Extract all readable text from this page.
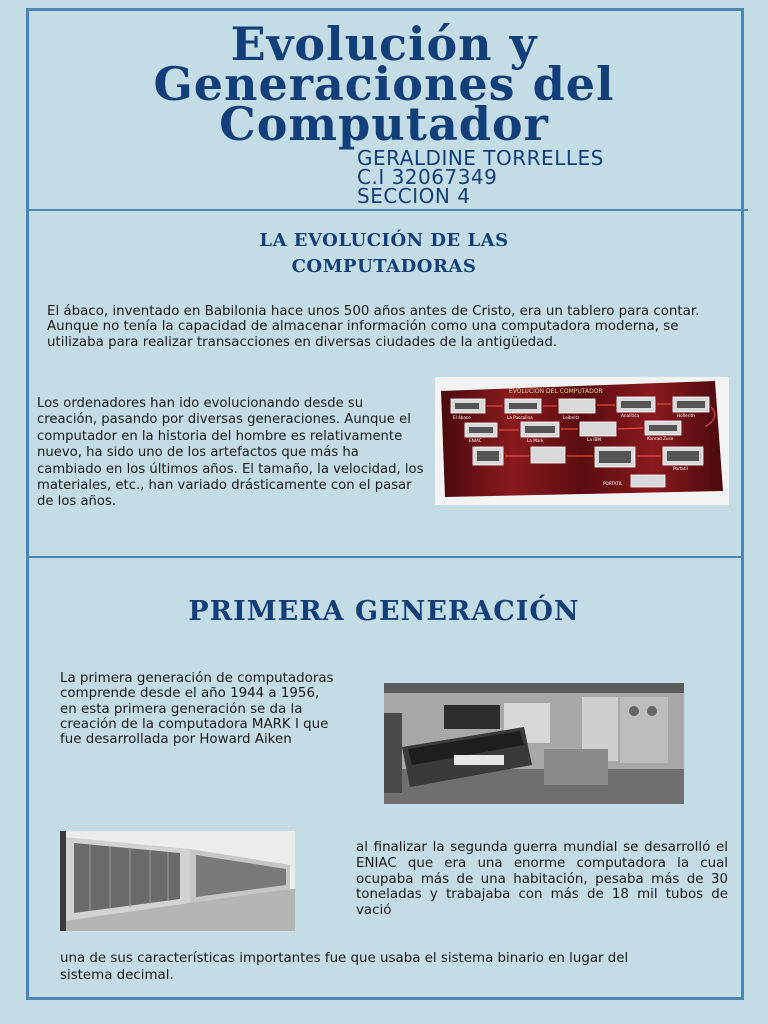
Evolución y
Generaciones del
Computador
GERALDINE TORRELLES
C.I 32067349
SECCION 4
LA EVOLUCIÓN DE LAS
COMPUTADORAS

El ábaco, inventado en Babilonia hace unos 500 años antes de Cristo, era un tablero para contar. Aunque no tenía la capacidad de almacenar información como una computadora moderna, se utilizaba para realizar transacciones en diversas ciudades de la antigüedad.

Los ordenadores han ido evolucionando desde su creación, pasando por diversas generaciones. Aunque el computador en la historia del hombre es relativamente nuevo, ha sido uno de los artefactos que más ha cambiado en los últimos años. El tamaño, la velocidad, los materiales, etc., han variado drásticamente con el pasar de los años.

EVOLUCION DEL COMPUTADOR
El ábaco	La Pascalina	Leibnitz	Analitica	Hollerith
ENIAC	La Mark	La IBM	Konrad Zuse
Portatil
PORTATIL
PRIMERA GENERACIÓN

La primera generación de computadoras comprende desde el año 1944 a 1956, en esta primera generación se da la creación de la computadora MARK I que fue desarrollada por Howard Aiken

al finalizar la segunda guerra mundial se desarrolló el ENIAC que era una enorme computadora la cual ocupaba más de una habitación, pesaba más de 30 toneladas y trabajaba con más de 18 mil tubos de vació

una de sus características importantes fue que usaba el sistema binario en lugar del sistema decimal.
